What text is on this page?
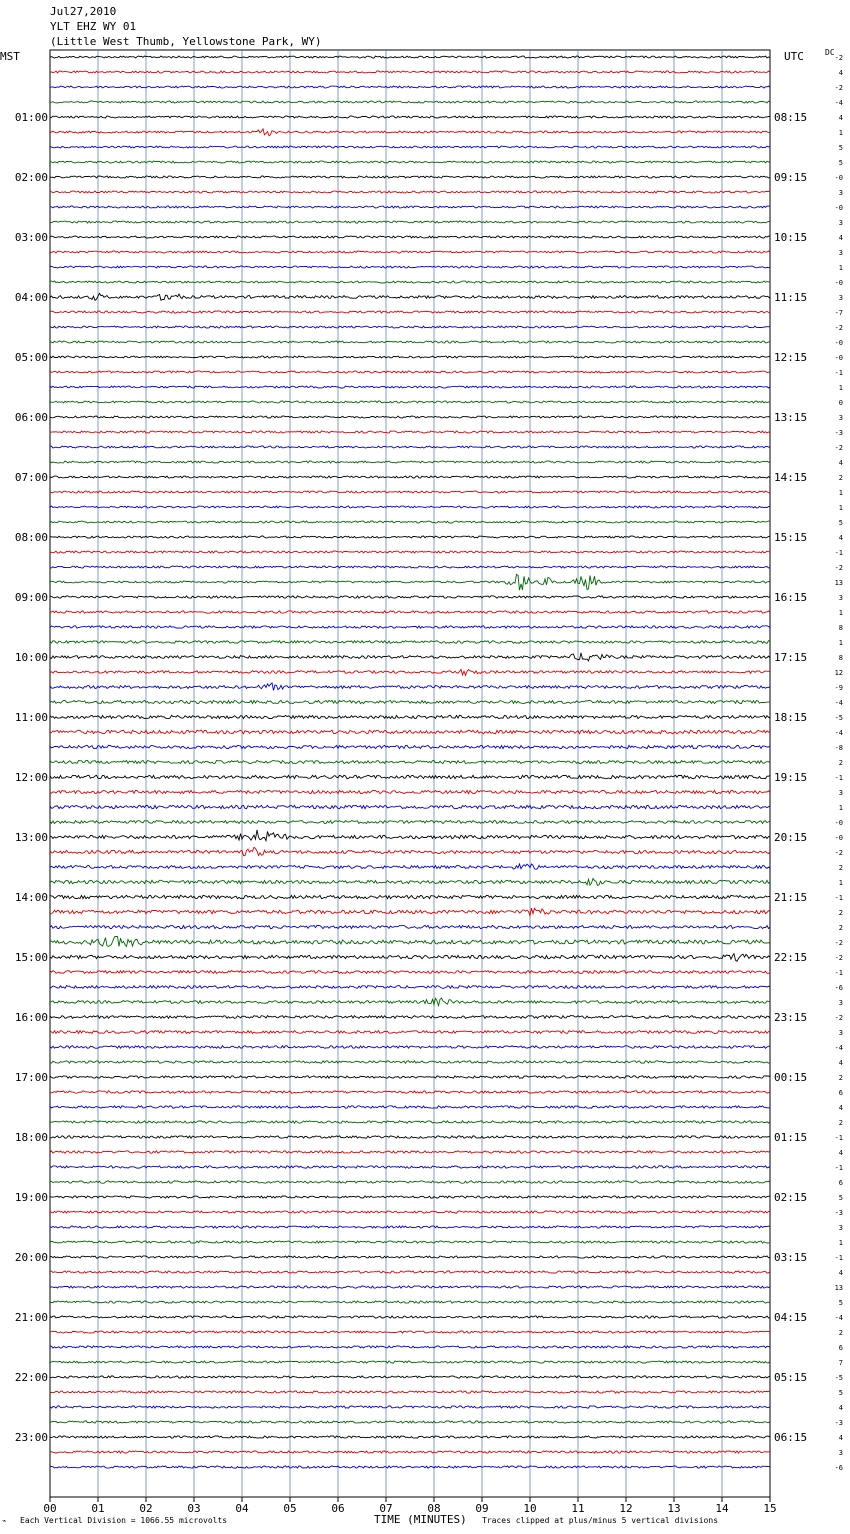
Jul27,2010
YLT EHZ WY 01
(Little West Thumb, Yellowstone Park, WY)
MST	UTC	DC
-2
4
-2
-4
4
1
5
5
-0
3
-0
3
4
3
1
-0
3
-7
-2
-0
-0
-1
1
0
3
-3
-2
4
2
1
1
5
4
-1
-2
13
3
1
8
1
8
12
-9
-4
-5
-4
-8
2
-1
3
1
-0
-0
-2
2
1
-1
2
2
-2
-2
-1
-6
3
-2
3
-4
4
2
6
4
2
-1
4
-1
6
5
-3
3
1
-1
4
13
5
-4
2
6
7
-5
5
4
-3
4
3
-6
01:00	08:15
02:00	09:15
03:00	10:15
04:00	11:15
05:00	12:15
06:00	13:15
07:00	14:15
08:00	15:15
09:00	16:15
10:00	17:15
11:00	18:15
12:00	19:15
13:00	20:15
14:00	21:15
15:00	22:15
16:00	23:15
17:00	00:15
18:00	01:15
19:00	02:15
20:00	03:15
21:00	04:15
22:00	05:15
23:00	06:15
00	01	02	03	04	05	06	07	08	09	10	11	12	13	14	15
⌁ Each Vertical Division = 1066.55 microvolts	TIME (MINUTES) Traces clipped at plus/minus 5 vertical divisions
